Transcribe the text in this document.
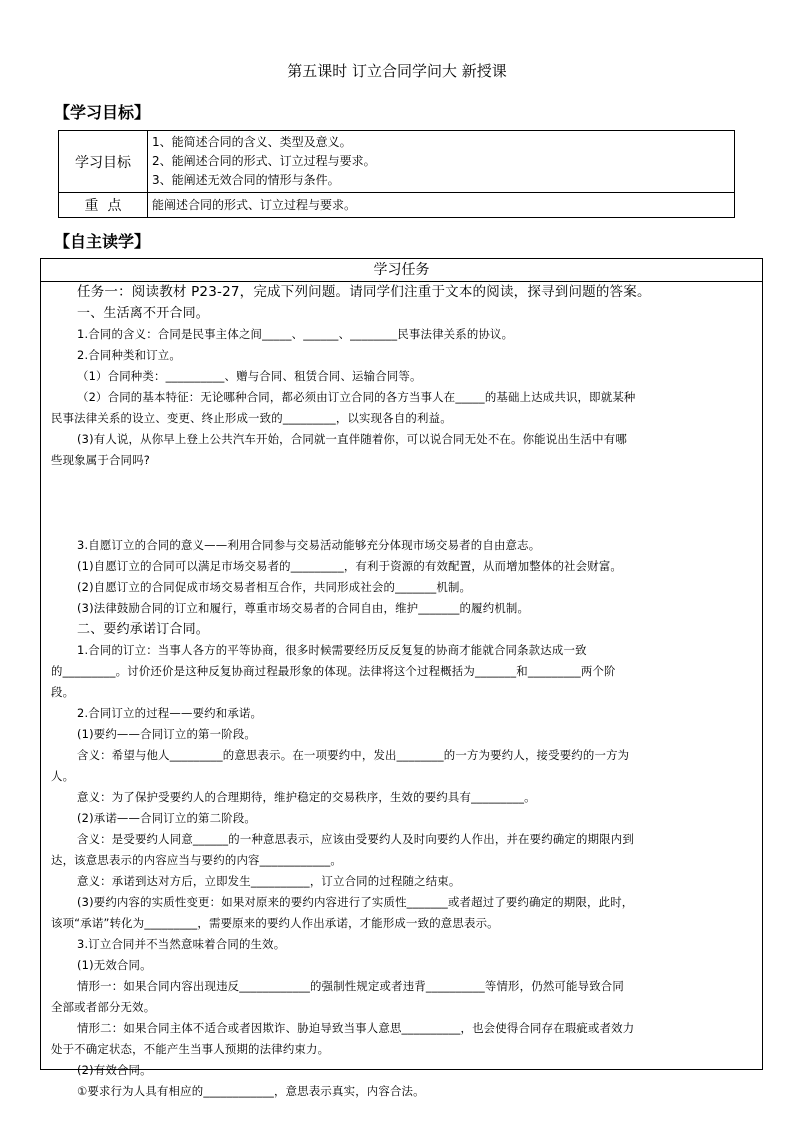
第五课时 订立合同学问大 新授课
【学习目标】
学习目标	1、能简述合同的含义、类型及意义。
2、能阐述合同的形式、订立过程与要求。
3、能阐述无效合同的情形与条件。

重  点	能阐述合同的形式、订立过程与要求。
【自主读学】
学习任务
任务一：阅读教材 P23-27，完成下列问题。请同学们注重于文本的阅读，探寻到问题的答案。
一、生活离不开合同。
1.合同的含义：合同是民事主体之间_____、______、________民事法律关系的协议。
2.合同种类和订立。
（1）合同种类：__________、赠与合同、租赁合同、运输合同等。
（2）合同的基本特征：无论哪种合同，都必须由订立合同的各方当事人在_____的基础上达成共识，即就某种
民事法律关系的设立、变更、终止形成一致的_________，以实现各自的利益。
(3)有人说，从你早上登上公共汽车开始，合同就一直伴随着你，可以说合同无处不在。你能说出生活中有哪
些现象属于合同吗?
3.自愿订立的合同的意义——利用合同参与交易活动能够充分体现市场交易者的自由意志。
(1)自愿订立的合同可以满足市场交易者的_________，有利于资源的有效配置，从而增加整体的社会财富。
(2)自愿订立的合同促成市场交易者相互合作，共同形成社会的_______机制。
(3)法律鼓励合同的订立和履行，尊重市场交易者的合同自由，维护_______的履约机制。
二、要约承诺订合同。
1.合同的订立：当事人各方的平等协商，很多时候需要经历反反复复的协商才能就合同条款达成一致
的_________。讨价还价是这种反复协商过程最形象的体现。法律将这个过程概括为_______和_________两个阶
段。
2.合同订立的过程——要约和承诺。
(1)要约——合同订立的第一阶段。
含义：希望与他人_________的意思表示。在一项要约中，发出________的一方为要约人，接受要约的一方为
人。
意义：为了保护受要约人的合理期待，维护稳定的交易秩序，生效的要约具有_________。
(2)承诺——合同订立的第二阶段。
含义：是受要约人同意______的一种意思表示，应该由受要约人及时向要约人作出，并在要约确定的期限内到
达，该意思表示的内容应当与要约的内容____________。
意义：承诺到达对方后，立即发生__________，订立合同的过程随之结束。
(3)要约内容的实质性变更：如果对原来的要约内容进行了实质性_______或者超过了要约确定的期限，此时，
该项“承诺”转化为_________，需要原来的要约人作出承诺，才能形成一致的意思表示。
3.订立合同并不当然意味着合同的生效。
(1)无效合同。
情形一：如果合同内容出现违反____________的强制性规定或者违背__________等情形，仍然可能导致合同
全部或者部分无效。
情形二：如果合同主体不适合或者因欺诈、胁迫导致当事人意思__________，也会使得合同存在瑕疵或者效力
处于不确定状态，不能产生当事人预期的法律约束力。
(2)有效合同。
①要求行为人具有相应的____________，意思表示真实，内容合法。
